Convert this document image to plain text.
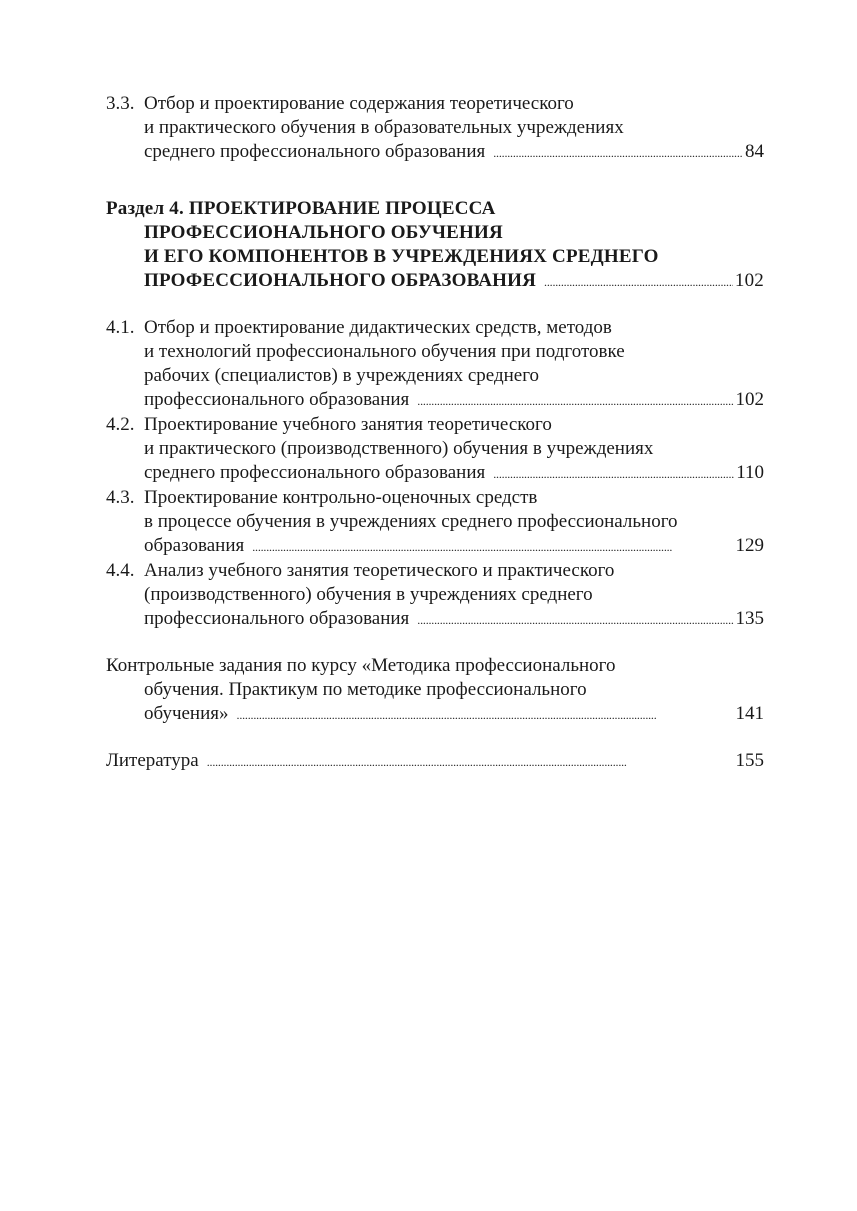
3.3. Отбор и проектирование содержания теоретического
и практического обучения в образовательных учреждениях
среднего профессионального образования . . .	84
Раздел 4. ПРОЕКТИРОВАНИЕ ПРОЦЕССА
ПРОФЕССИОНАЛЬНОГО ОБУЧЕНИЯ
И ЕГО КОМПОНЕНТОВ В УЧРЕЖДЕНИЯХ СРЕДНЕГО
ПРОФЕССИОНАЛЬНОГО ОБРАЗОВАНИЯ . . .	102
4.1. Отбор и проектирование дидактических средств, методов
и технологий профессионального обучения при подготовке
рабочих (специалистов) в учреждениях среднего
профессионального образования . . .	102
4.2. Проектирование учебного занятия теоретического
и практического (производственного) обучения в учреждениях
среднего профессионального образования . . .	110
4.3. Проектирование контрольно-оценочных средств
в процессе обучения в учреждениях среднего профессионального
образования . . .	129
4.4. Анализ учебного занятия теоретического и практического
(производственного) обучения в учреждениях среднего
профессионального образования . . .	135
Контрольные задания по курсу «Методика профессионального
обучения. Практикум по методике профессионального
обучения» . . .	141
Литература . . .	155
